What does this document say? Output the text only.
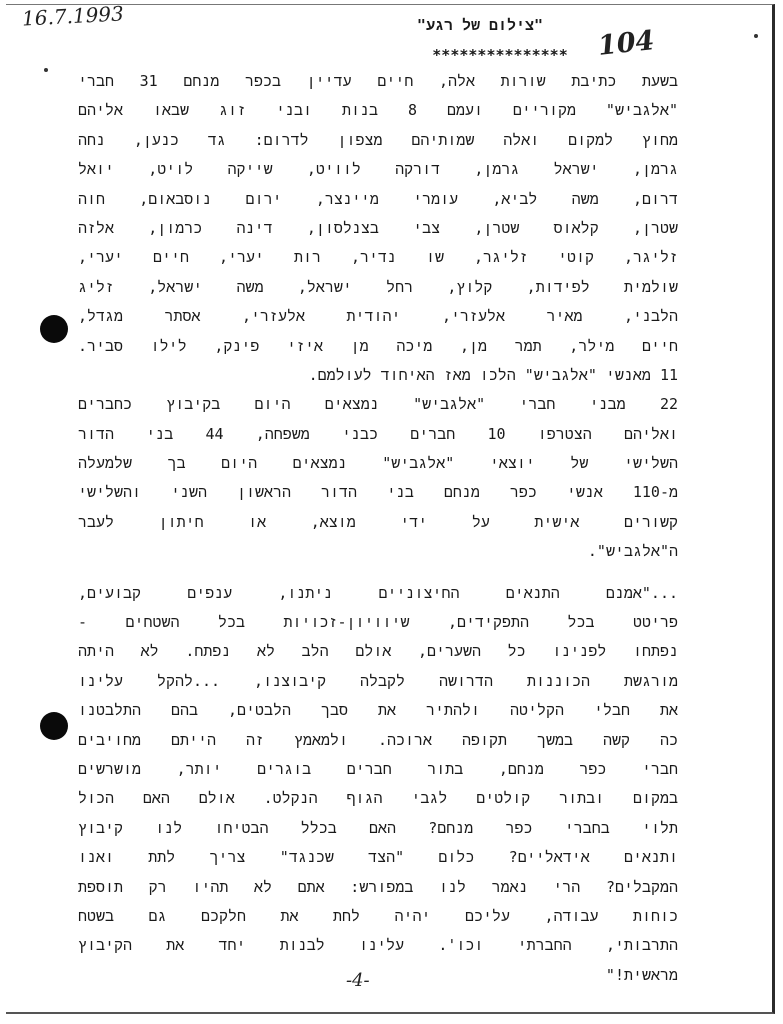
16.7.1993
104
"צילום של רגע"
***************
בשעת כתיבת שורות אלה, חיים עדיין בכפר מנחם 31 חברי
"אלגביש" מקוריים ועמם 8 בנות ובני זוג שבאו אליהם
מחוץ למקום ואלה שמותיהם מצפון לדרום: גד כנען, נחה
גרמן, ישראל גרמן, דורקה לוויט, שייקה לויט, יואל
דרום, משה לביא, עומרי מיינצר, ירום נוסבאום, חוה
שטרן, קלאוס שטרן, צבי בצנלסון, דינה כרמון, אלזה
זליגר, קוטי זליגר, שו נדיר, רות יערי, חיים יערי,
שולמית לפידות, קלוץ, רחל ישראל, משה ישראל, זליג
הלבני, מאיר אלעזרי, יהודית אלעזרי, אסתר מגדל,
חיים מילר, תמר מן, מיכה מן איזי פינק, לילו סביר.
11 מאנשי "אלגביש" הלכו מאז האיחוד לעולמם.
22 מבני חברי "אלגביש" נמצאים היום בקיבוץ כחברים
ואליהם הצטרפו 10 חברים כבני משפחה, 44 בני הדור
השלישי של יוצאי "אלגביש" נמצאים היום בך שלמעלה
מ-110 אנשי כפר מנחם בני הדור הראשון השני והשלישי
קשורים אישית על ידי מוצא, או חיתון לעבר
ה"אלגביש".
..."אמנם התנאים החיצוניים ניתנו, ענפים קבועים,
פריטט בכל התפקידים, שיוויון-זכויות בכל השטחים -
נפתחו לפנינו כל השערים, אולם הלב לא נפתח. לא היתה
מורגשת הכוננות הדרושה לקבלה קיבוצנו, ...להקל עלינו
את חבלי הקליטה ולהתיר את סבך הלבטים, בהם התלבטנו
כה קשה במשך תקופה ארוכה. ולמאמץ זה הייתם מחויבים
חברי כפר מנחם, בתור חברים בוגרים יותר, מושרשים
במקום ובתור קולטים לגבי הגוף הנקלט. אולם האם הכול
תלוי בחברי כפר מנחם? האם בכלל הבטיחו לנו קיבוץ
ותנאים אידאליים? כלום "הצד שכנגד" צריך לתת ואנו
המקבלים? הרי נאמר לנו במפורש: אתם לא תהיו רק תוספת
כוחות עבודה, עליכם יהיה לחת את חלקכם גם בשטח
התרבותי, החברתי וכו'. עלינו לבנות יחד את הקיבוץ
מראשית!"
-4-
